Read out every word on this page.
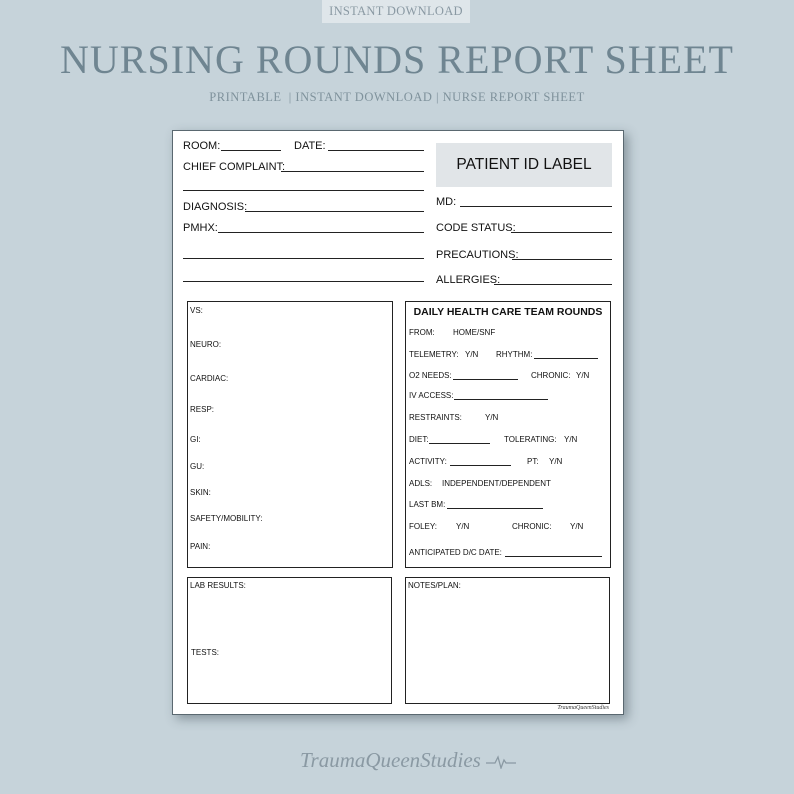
INSTANT DOWNLOAD
NURSING ROUNDS REPORT SHEET
PRINTABLE  | INSTANT DOWNLOAD | NURSE REPORT SHEET
ROOM:	DATE:
CHIEF COMPLAINT:
DIAGNOSIS:
PMHX:
PATIENT ID LABEL
MD:
CODE STATUS:
PRECAUTIONS:
ALLERGIES:
VS:
NEURO:
CARDIAC:
RESP:
GI:
GU:
SKIN:
SAFETY/MOBILITY:
PAIN:
DAILY HEALTH CARE TEAM ROUNDS
FROM: HOME/SNF
TELEMETRY: Y/N RHYTHM:
O2 NEEDS:	CHRONIC: Y/N
IV ACCESS:
RESTRAINTS:	Y/N
DIET:	TOLERATING: Y/N
ACTIVITY:	PT: Y/N
ADLS: INDEPENDENT/DEPENDENT
LAST BM:
FOLEY: Y/N	CHRONIC: Y/N
ANTICIPATED D/C DATE:
LAB RESULTS:
TESTS:
NOTES/PLAN:
TraumaQueenStudies
TraumaQueenStudies
